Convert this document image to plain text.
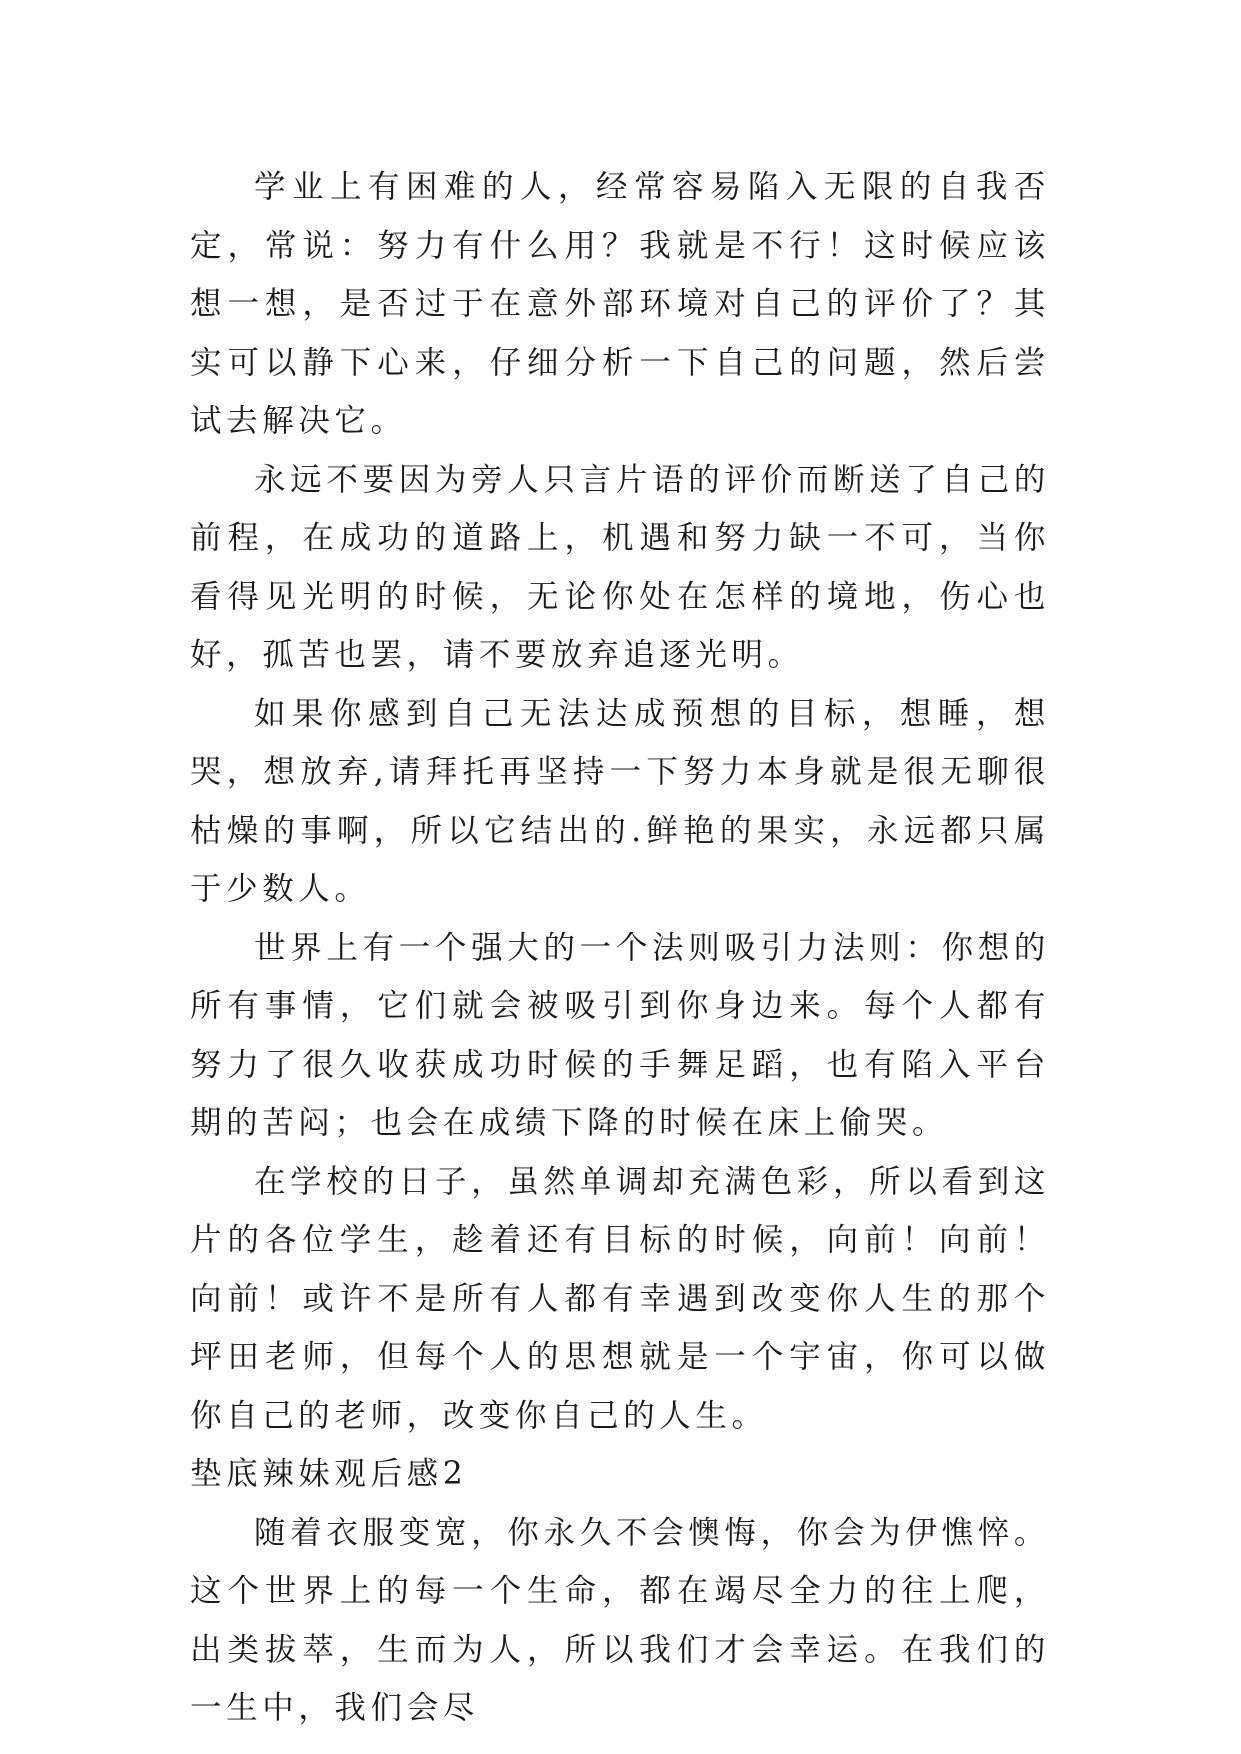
学业上有困难的人，经常容易陷入无限的自我否定，常说：努力有什么用？我就是不行！这时候应该想一想，是否过于在意外部环境对自己的评价了？其实可以静下心来，仔细分析一下自己的问题，然后尝试去解决它。

永远不要因为旁人只言片语的评价而断送了自己的前程，在成功的道路上，机遇和努力缺一不可，当你看得见光明的时候，无论你处在怎样的境地，伤心也好，孤苦也罢，请不要放弃追逐光明。

如果你感到自己无法达成预想的目标，想睡，想哭，想放弃,请拜托再坚持一下努力本身就是很无聊很枯燥的事啊，所以它结出的.鲜艳的果实，永远都只属于少数人。

世界上有一个强大的一个法则吸引力法则：你想的所有事情，它们就会被吸引到你身边来。每个人都有努力了很久收获成功时候的手舞足蹈，也有陷入平台期的苦闷；也会在成绩下降的时候在床上偷哭。

在学校的日子，虽然单调却充满色彩，所以看到这片的各位学生，趁着还有目标的时候，向前！向前！向前！或许不是所有人都有幸遇到改变你人生的那个坪田老师，但每个人的思想就是一个宇宙，你可以做你自己的老师，改变你自己的人生。

垫底辣妹观后感2

随着衣服变宽，你永久不会懊悔，你会为伊憔悴。这个世界上的每一个生命，都在竭尽全力的往上爬，出类拔萃，生而为人，所以我们才会幸运。在我们的一生中，我们会尽
